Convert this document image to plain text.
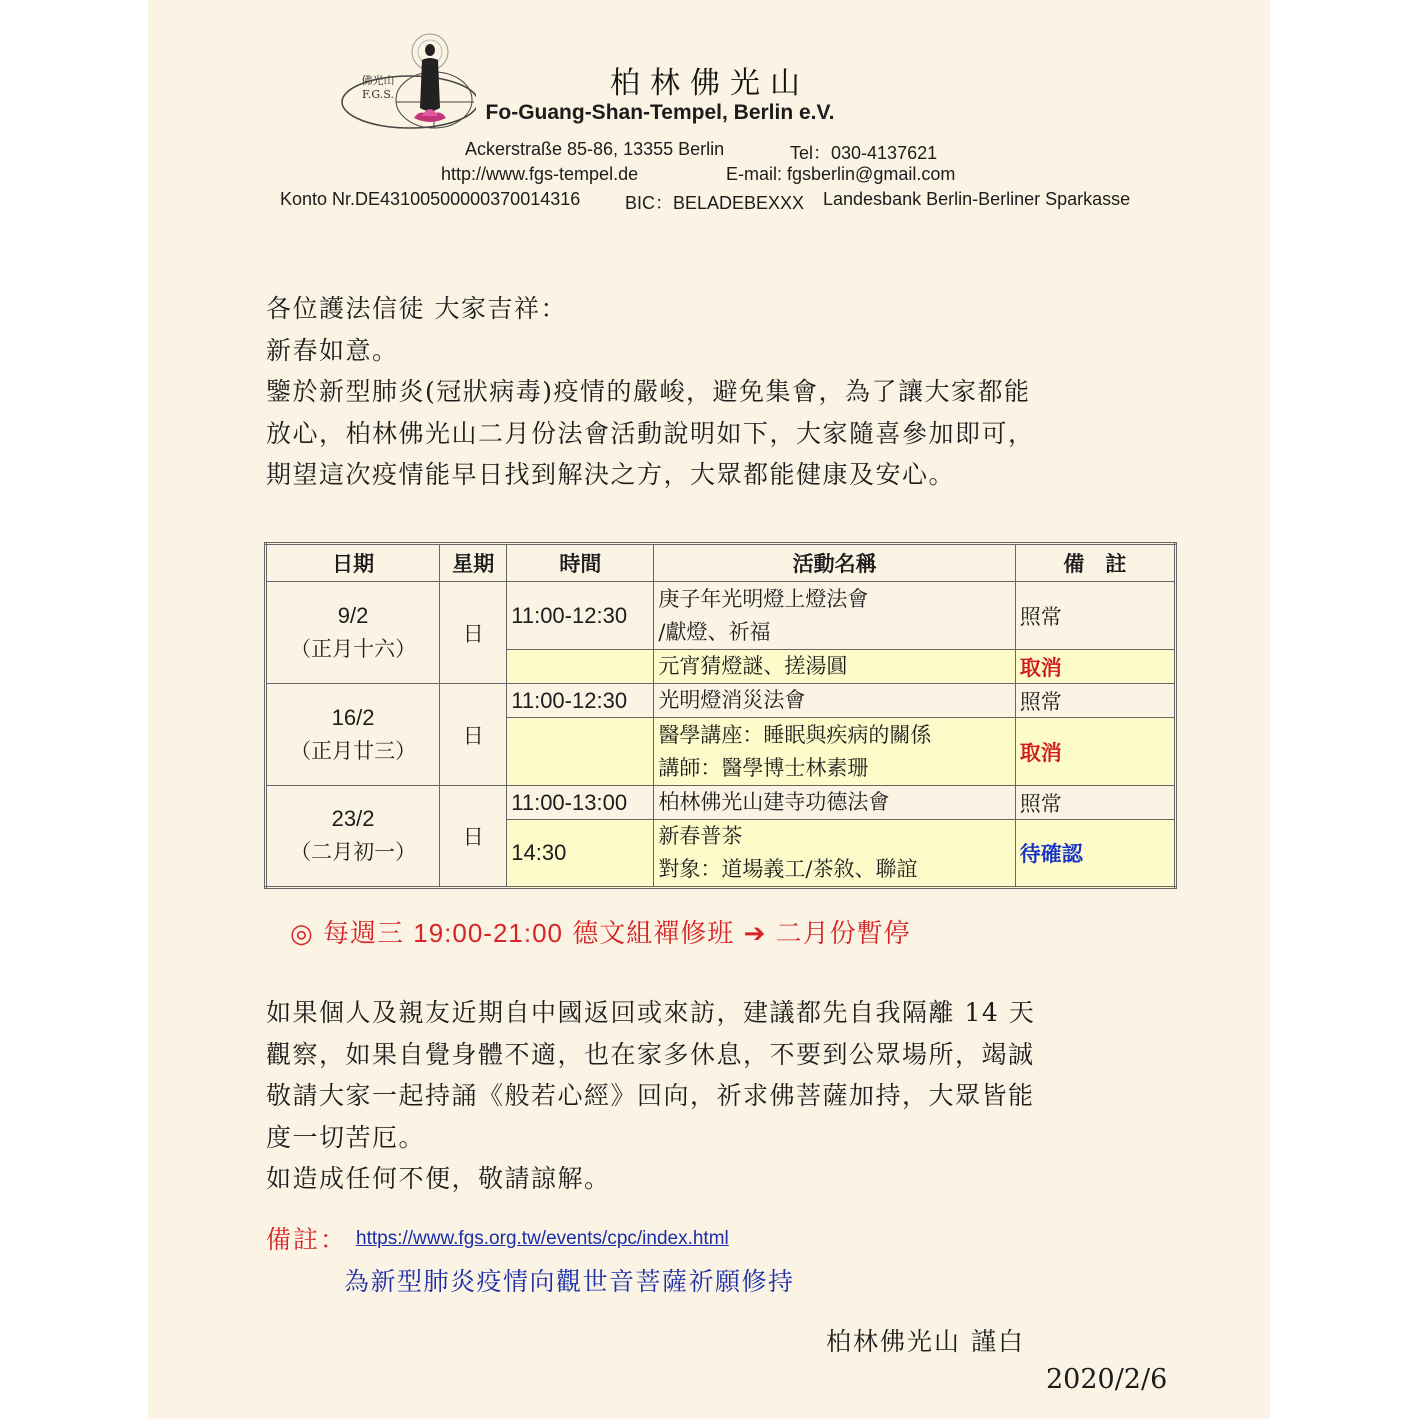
佛光山
F.G.S.	柏林佛光山
Fo-Guang-Shan-Tempel, Berlin e.V.
Ackerstraße 85-86, 13355 Berlin	Tel：030-4137621
http://www.fgs-tempel.de	E-mail: fgsberlin@gmail.com
Konto Nr.DE43100500000370014316 BIC：BELADEBEXXX Landesbank Berlin-Berliner Sparkasse
各位護法信徒 大家吉祥：
新春如意。
鑒於新型肺炎(冠狀病毒)疫情的嚴峻，避免集會，為了讓大家都能
放心，柏林佛光山二月份法會活動說明如下，大家隨喜參加即可，
期望這次疫情能早日找到解決之方，大眾都能健康及安心。
日期	星期	時間	活動名稱	備　註

9/2
（正月十六）	日	11:00-12:30	庚子年光明燈上燈法會
/獻燈、祈福	照常

			元宵猜燈謎、搓湯圓	取消

16/2
（正月廿三）	日	11:00-12:30	光明燈消災法會	照常

			醫學講座：睡眠與疾病的關係
講師：醫學博士林素珊	取消

23/2
（二月初一）	日	11:00-13:00	柏林佛光山建寺功德法會	照常
		14:30	新春普茶
對象：道場義工/茶敘、聯誼	待確認
◎ 每週三 19:00-21:00 德文組禪修班 ➔ 二月份暫停
如果個人及親友近期自中國返回或來訪，建議都先自我隔離 14 天
觀察，如果自覺身體不適，也在家多休息，不要到公眾場所，竭誠
敬請大家一起持誦《般若心經》回向，祈求佛菩薩加持，大眾皆能
度一切苦厄。
如造成任何不便，敬請諒解。
備註： https://www.fgs.org.tw/events/cpc/index.html
為新型肺炎疫情向觀世音菩薩祈願修持
柏林佛光山 謹白
2020/2/6
